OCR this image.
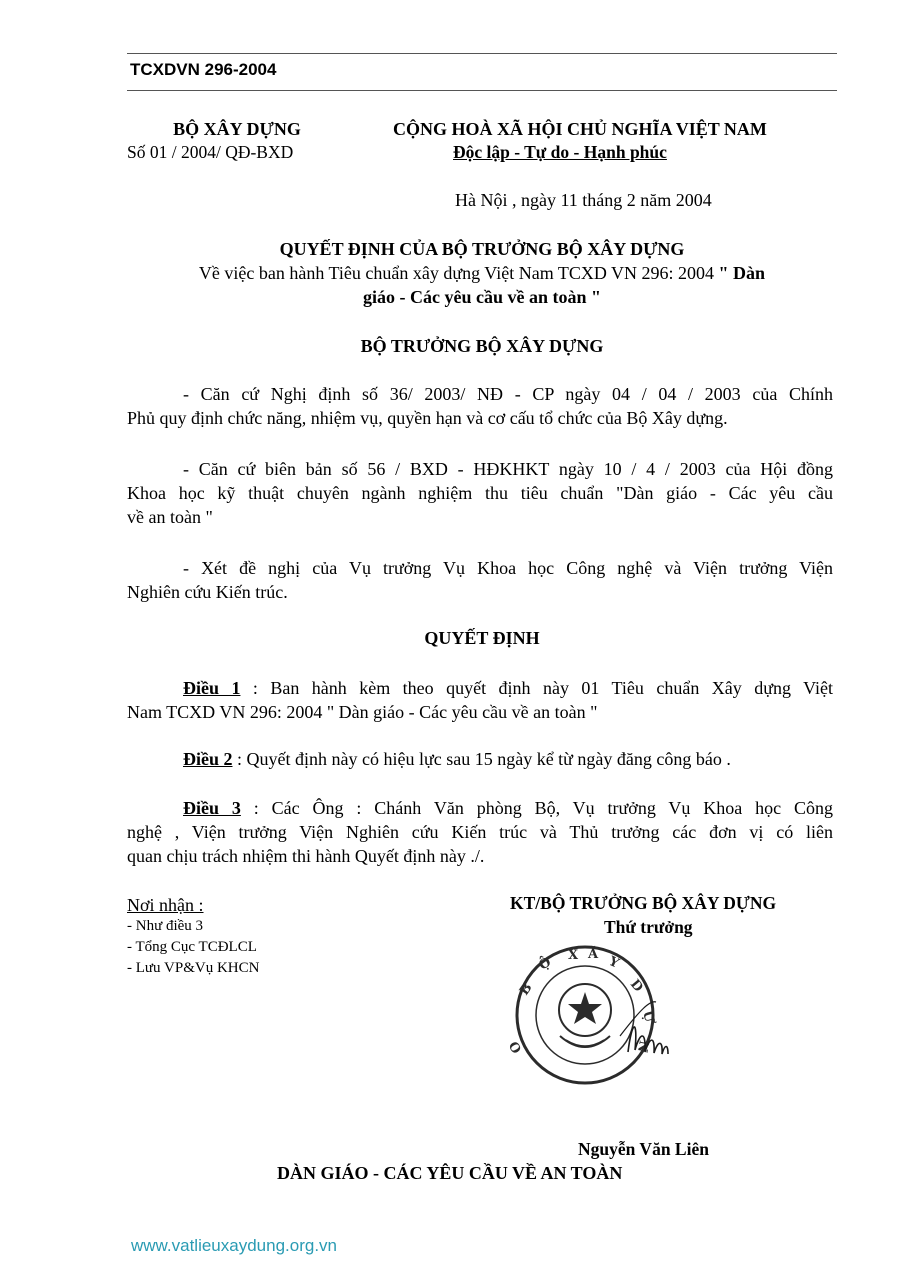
TCXDVN 296-2004
BỘ XÂY DỰNG
Số 01 / 2004/ QĐ-BXD
CỘNG HOÀ XÃ HỘI CHỦ NGHĨA VIỆT NAM
Độc lập - Tự do - Hạnh phúc
Hà Nội , ngày 11 tháng 2 năm 2004
QUYẾT ĐỊNH CỦA BỘ TRƯỞNG BỘ XÂY DỰNG
Về việc ban hành Tiêu chuẩn xây dựng Việt Nam TCXD VN 296: 2004 " Dàn
giáo - Các yêu cầu về an toàn "
BỘ TRƯỞNG BỘ XÂY DỰNG
- Căn cứ Nghị định số 36/ 2003/ NĐ - CP ngày 04 / 04 / 2003 của Chính
Phủ quy định chức năng, nhiệm vụ, quyền hạn và cơ cấu tổ chức của Bộ Xây dựng.
- Căn cứ biên bản số 56 / BXD - HĐKHKT ngày 10 / 4 / 2003 của Hội đồng
Khoa học kỹ thuật chuyên ngành nghiệm thu tiêu chuẩn "Dàn giáo - Các yêu cầu
về an toàn "
- Xét đề nghị của Vụ trưởng Vụ Khoa học Công nghệ và Viện trưởng Viện
Nghiên cứu Kiến trúc.
QUYẾT ĐỊNH
Điều 1 : Ban hành kèm theo quyết định này 01 Tiêu chuẩn Xây dựng Việt
Nam TCXD VN 296: 2004 " Dàn giáo - Các yêu cầu về an toàn "
Điều 2 : Quyết định này có hiệu lực sau 15 ngày kể từ ngày đăng công báo .
Điều 3 : Các Ông : Chánh Văn phòng Bộ, Vụ trưởng Vụ Khoa học Công
nghệ , Viện trưởng Viện Nghiên cứu Kiến trúc và Thủ trưởng các đơn vị có liên
quan chịu trách nhiệm thi hành Quyết định này ./.
Nơi nhận :
- Như điều 3
- Tổng Cục TCĐLCL
- Lưu VP&Vụ KHCN
KT/BỘ TRƯỞNG BỘ XÂY DỰNG
Thứ trưởng
B
Ộ X Ã Y
D
Ự
N
O
Nguyễn Văn Liên
DÀN GIÁO - CÁC YÊU CẦU VỀ AN TOÀN
www.vatlieuxaydung.org.vn
